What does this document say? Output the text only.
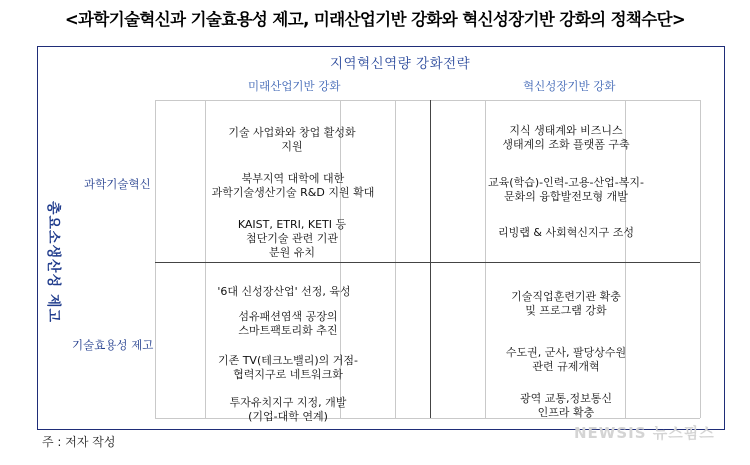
<과학기술혁신과 기술효용성 제고, 미래산업기반 강화와 혁신성장기반 강화의 정책수단>
지역혁신역량 강화전략
미래산업기반 강화	혁신성장기반 강화
총요소생산성 제고
과학기술혁신
기술효용성 제고
기술 사업화와 창업 활성화
지원
북부지역 대학에 대한
과학기술생산기술 R&D 지원 확대
KAIST, ETRI, KETI 등
첨단기술 관련 기관
분원 유치
지식 생태계와 비즈니스
생태계의 조화 플랫폼 구축
교육(학습)-인력-고용-산업-복지-
문화의 융합발전모형 개발
리빙랩 & 사회혁신지구 조성
'6대 신성장산업' 선정, 육성
섬유패션염색 공장의
스마트팩토리화 추진
기존 TV(테크노밸리)의 거점-
협력지구로 네트워크화
투자유치지구 지정, 개발
(기업-대학 연계)
기술직업훈련기관 확충
및 프로그램 강화
수도권, 군사, 팔당상수원
관련 규제개혁
광역 교통,정보통신
인프라 확충
주 : 저자 작성	NEWSIS 뉴스핌스
